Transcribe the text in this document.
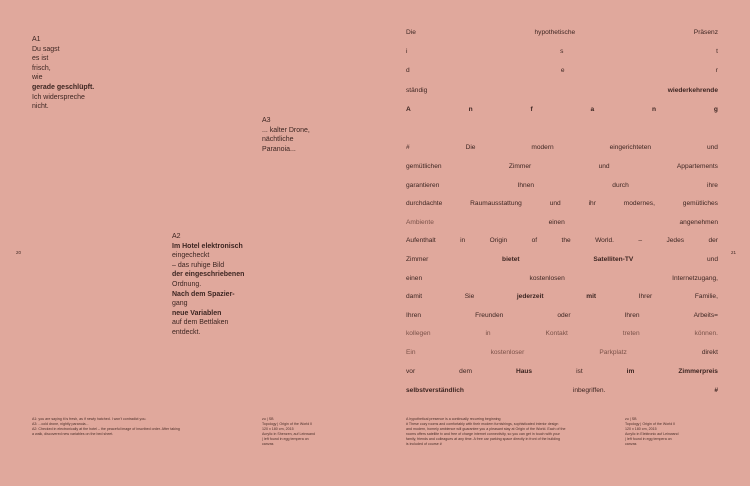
20	21
A1
Du sagst
es ist
frisch,
wie
gerade geschlüpft.
Ich widerspreche
nicht.
A3
... kalter Drone,
nächtliche
Paranoia...
A2
Im Hotel elektronisch
eingecheckt
– das ruhige Bild
der eingeschriebenen
Ordnung.
Nach dem Spazier-
gang
neue Variablen
auf dem Bettlaken
entdeckt.
Die	hypothetische	Präsenz
i	s	t
d	e	r
ständig	wiederkehrende
A	n	f	a	n	g
#	Die	modern	eingerichteten	und
gemütlichen	Zimmer	und	Appartements
garantieren	Ihnen	durch	ihre
durchdachte	Raumausstattung	und	ihr	modernes,	gemütliches
Ambiente	einen	angenehmen
Aufenthalt	in	Origin	of	the	World.	–	Jedes	der
Zimmer	bietet	Satelliten-TV	und
einen	kostenlosen	Internetzugang,
damit	Sie	jederzeit	mit	Ihrer	Familie,
Ihren	Freunden	oder	Ihren	Arbeits=
kollegen	in	Kontakt	treten	können.
Ein	kostenloser	Parkplatz	direkt
vor	dem	Haus	ist	im	Zimmerpreis
selbstverständlich	inbegriffen.	#
A1: you are saying it is fresh, as if newly hatched. I won't contradict you.
A3: ...cold drone, nightly paranoia...
A2: Checked in electronically at the hotel – the peaceful image of inscribed order. After taking
a walk, discovered new variables on the bed sheet.
zu | SB
Topology | Origin of the World II
120 x 180 cm, 2015
Acrylic in Shenzen, auf Leinwand
| left found in egg tempera on
canvas
A hypothetical presence is a continually recurring beginning
# These cozy rooms and comfortably with their modern furnishings, sophisticated interior design
and modern, homely ambience will guarantee you a pleasant stay at Origin of the World. Each of the
rooms offers satellite tv and free of charge internet connectivity, so you can get in touch with your
family, friends and colleagues at any time. A free car parking space directly in front of the building
is included of course #
zu | SB
Topology | Origin of the World II
120 x 180 cm, 2015
Acrylic in Elektronic auf Leinwand
| left found in egg tempera on
canvas
